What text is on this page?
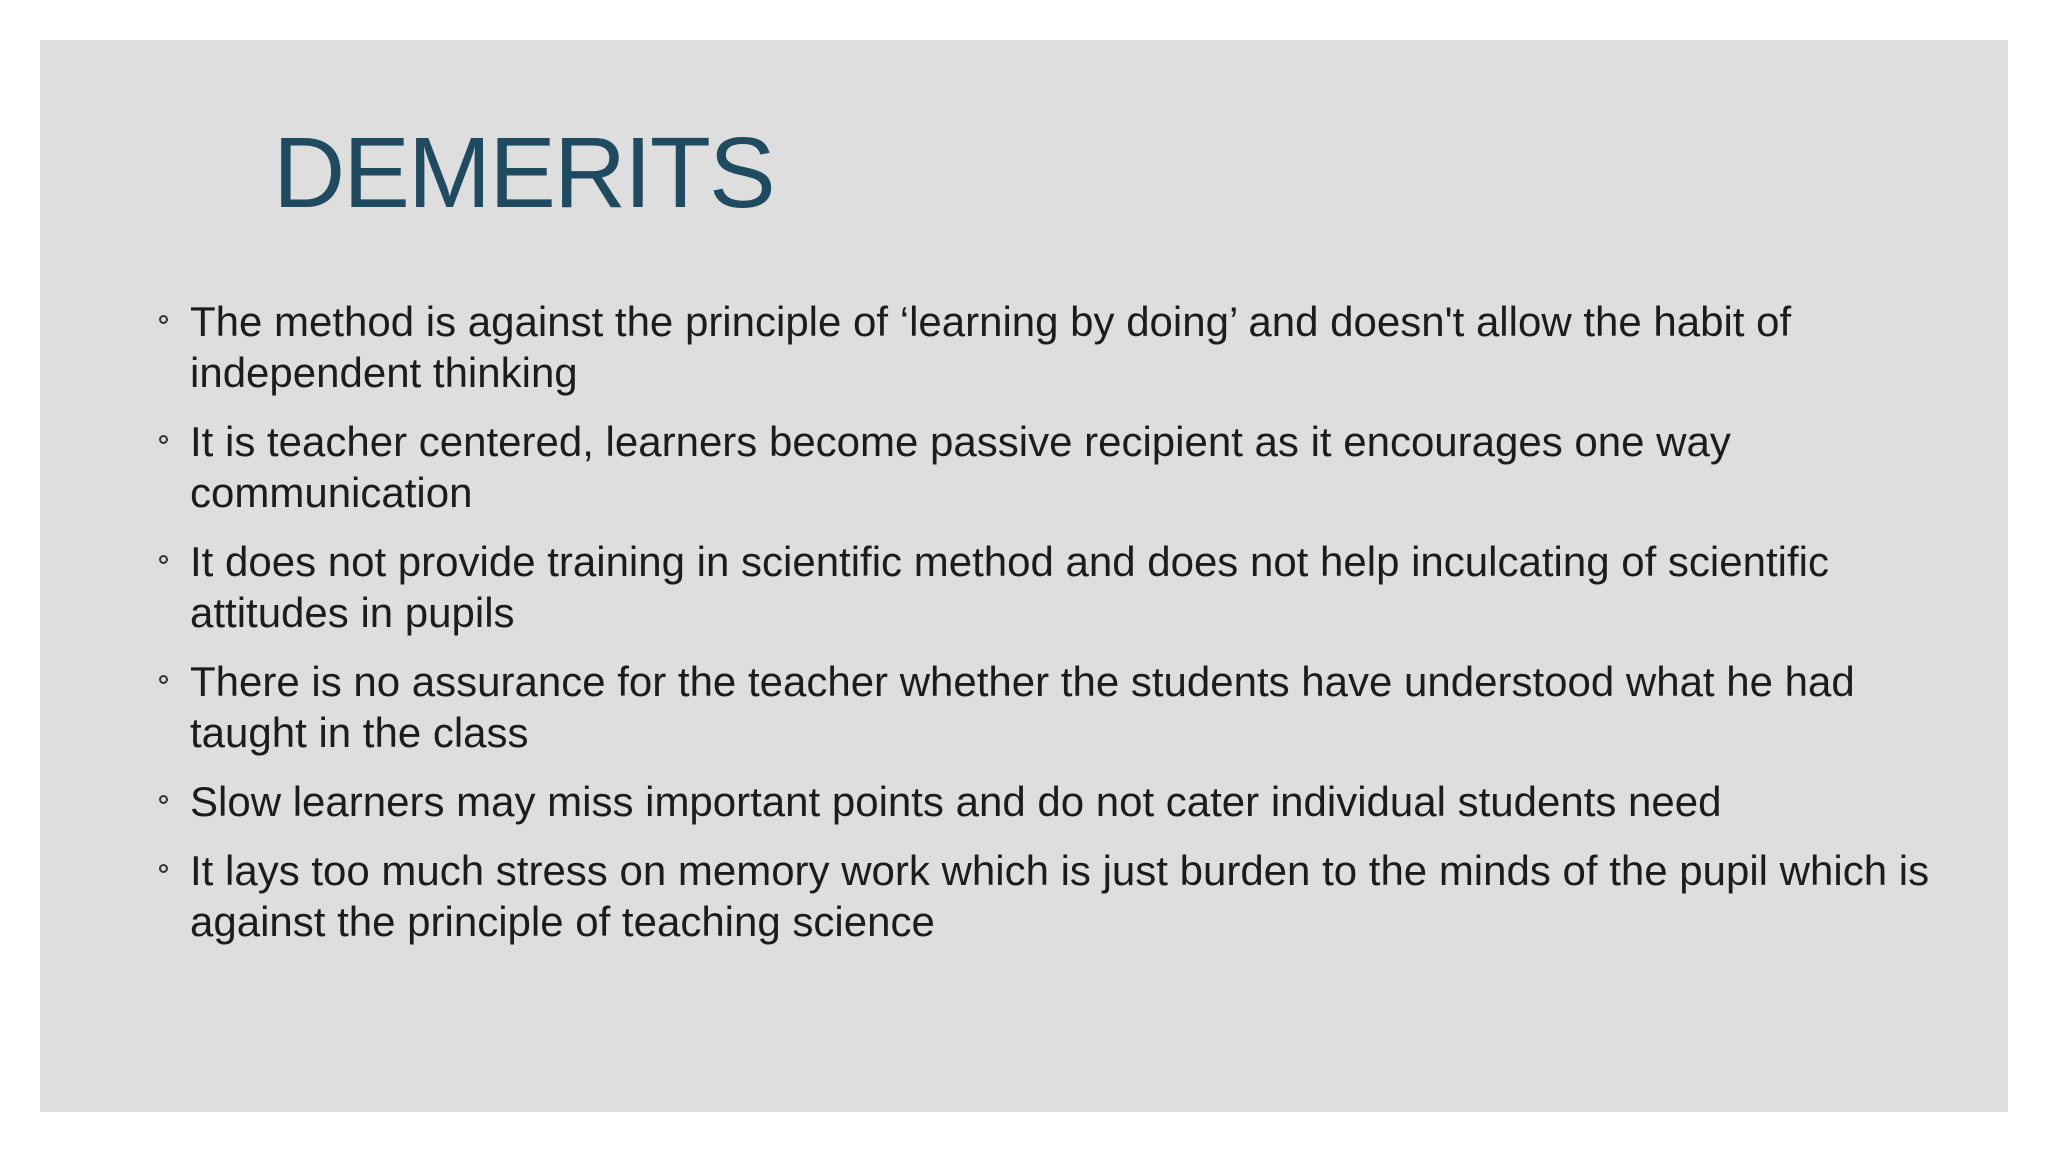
DEMERITS
The method is against the principle of ‘learning by doing’ and doesn't allow the habit of independent thinking
It is teacher centered, learners become passive recipient as it encourages one way communication
It does not provide training in scientific method and does not help inculcating of scientific attitudes in pupils
There is no assurance for the teacher whether the students have understood what he had taught in the class
Slow learners may miss important points and do not cater individual students need
It lays too much stress on memory work which is just burden to the minds of the pupil which is against the principle of teaching science
